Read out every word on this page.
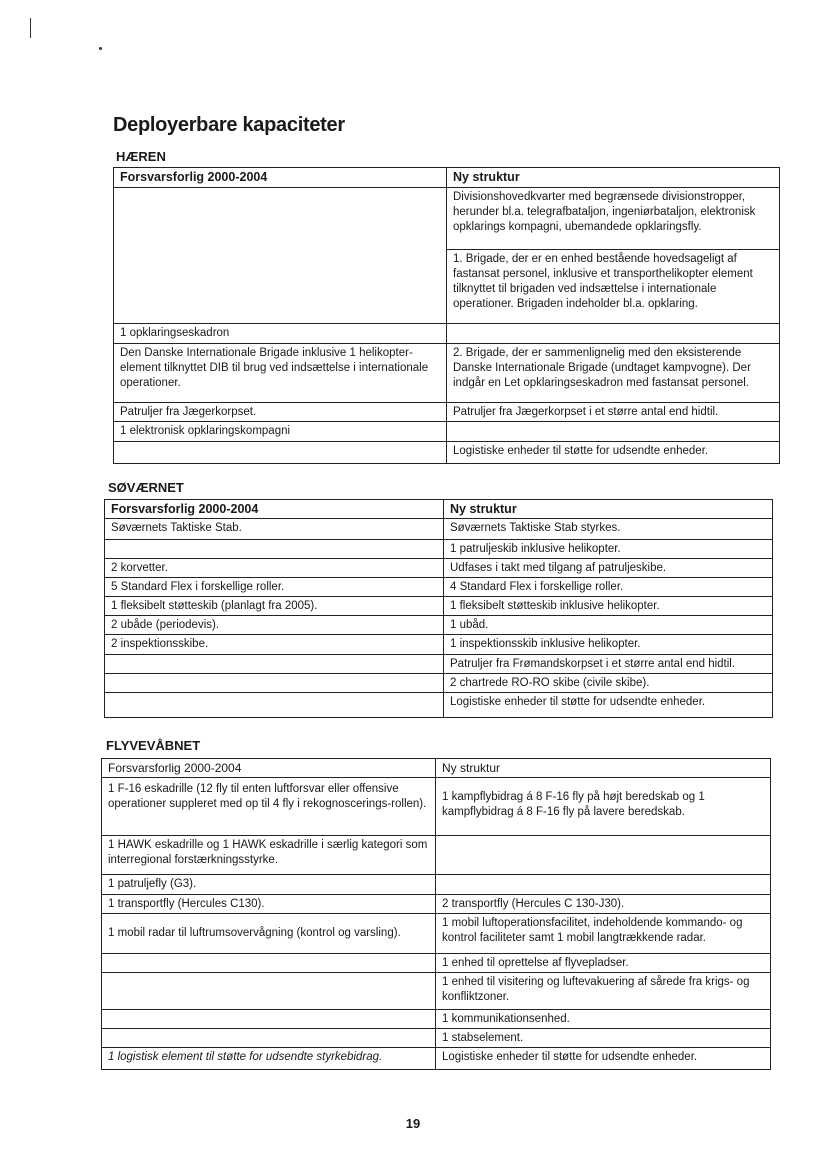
Deployerbare kapaciteter
HÆREN
Forsvarsforlig 2000-2004
1 opklaringseskadron
Den Danske Internationale Brigade inklusive 1 helikopter-element tilknyttet DIB til brug ved indsættelse i internationale operationer.
Patruljer fra Jægerkorpset.
1 elektronisk opklaringskompagni
Ny struktur
Divisionshovedkvarter med begrænsede divisionstropper, herunder bl.a. telegrafbataljon, ingeniørbataljon, elektronisk opklarings kompagni, ubemandede opklaringsfly.
1. Brigade, der er en enhed bestående hovedsageligt af fastansat personel, inklusive et transporthelikopter element tilknyttet til brigaden ved indsættelse i internationale operationer. Brigaden indeholder bl.a. opklaring.
2. Brigade, der er sammenlignelig med den eksisterende Danske Internationale Brigade (undtaget kampvogne). Der indgår en Let opklaringseskadron med fastansat personel.
Patruljer fra Jægerkorpset i et større antal end hidtil.
Logistiske enheder til støtte for udsendte enheder.
SØVÆRNET
Forsvarsforlig 2000-2004
Søværnets Taktiske Stab.
2 korvetter.
5 Standard Flex i forskellige roller.
1 fleksibelt støtteskib (planlagt fra 2005).
2 ubåde (periodevis).
2 inspektionsskibe.
Ny struktur
Søværnets Taktiske Stab styrkes.
1 patruljeskib inklusive helikopter.
Udfases i takt med tilgang af patruljeskibe.
4 Standard Flex i forskellige roller.
1 fleksibelt støtteskib inklusive helikopter.
1 ubåd.
1 inspektionsskib inklusive helikopter.
Patruljer fra Frømandskorpset i et større antal end hidtil.
2 chartrede RO-RO skibe (civile skibe).
Logistiske enheder til støtte for udsendte enheder.
FLYVEVÅBNET
Forsvarsforlig 2000-2004
1 F-16 eskadrille (12 fly til enten luftforsvar eller offensive operationer suppleret med op til 4 fly i rekognoscerings-rollen).
1 HAWK eskadrille og 1 HAWK eskadrille i særlig kategori som interregional forstærkningsstyrke.
1 patruljefly (G3).
1 transportfly (Hercules C130).
1 mobil radar til luftrumsovervågning (kontrol og varsling).
1 logistisk element til støtte for udsendte styrkebidrag.
Ny struktur
1 kampflybidrag á 8 F-16 fly på højt beredskab og 1 kampflybidrag á 8 F-16 fly på lavere beredskab.
2 transportfly (Hercules C 130-J30).
1 mobil luftoperationsfacilitet, indeholdende kommando- og kontrol faciliteter samt 1 mobil langtrækkende radar.
1 enhed til oprettelse af flyvepladser.
1 enhed til visitering og luftevakuering af sårede fra krigs- og konfliktzoner.
1 kommunikationsenhed.
1 stabselement.
Logistiske enheder til støtte for udsendte enheder.
19
